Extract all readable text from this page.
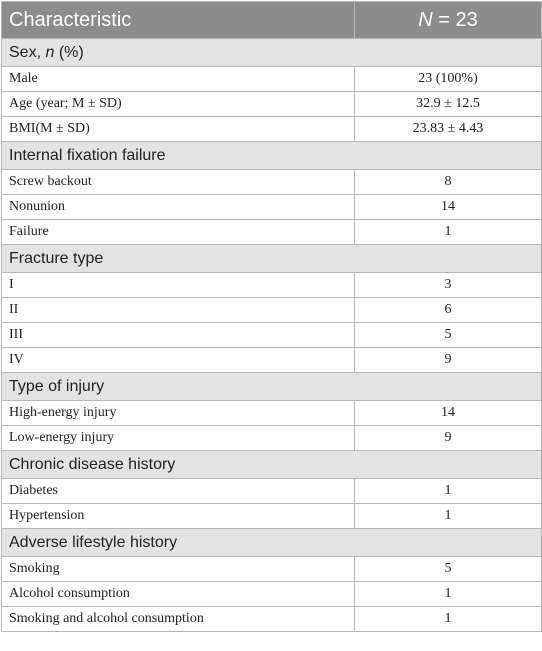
Characteristic	N = 23
Sex, n (%)	
Male	23 (100%)
Age (year; M ± SD)	32.9 ± 12.5
BMI(M ± SD)	23.83 ± 4.43
Internal fixation failure	
Screw backout	8
Nonunion	14
Failure	1
Fracture type	
I	3
II	6
III	5
IV	9
Type of injury	
High-energy injury	14
Low-energy injury	9
Chronic disease history	
Diabetes	1
Hypertension	1
Adverse lifestyle history	
Smoking	5
Alcohol consumption	1
Smoking and alcohol consumption	1
